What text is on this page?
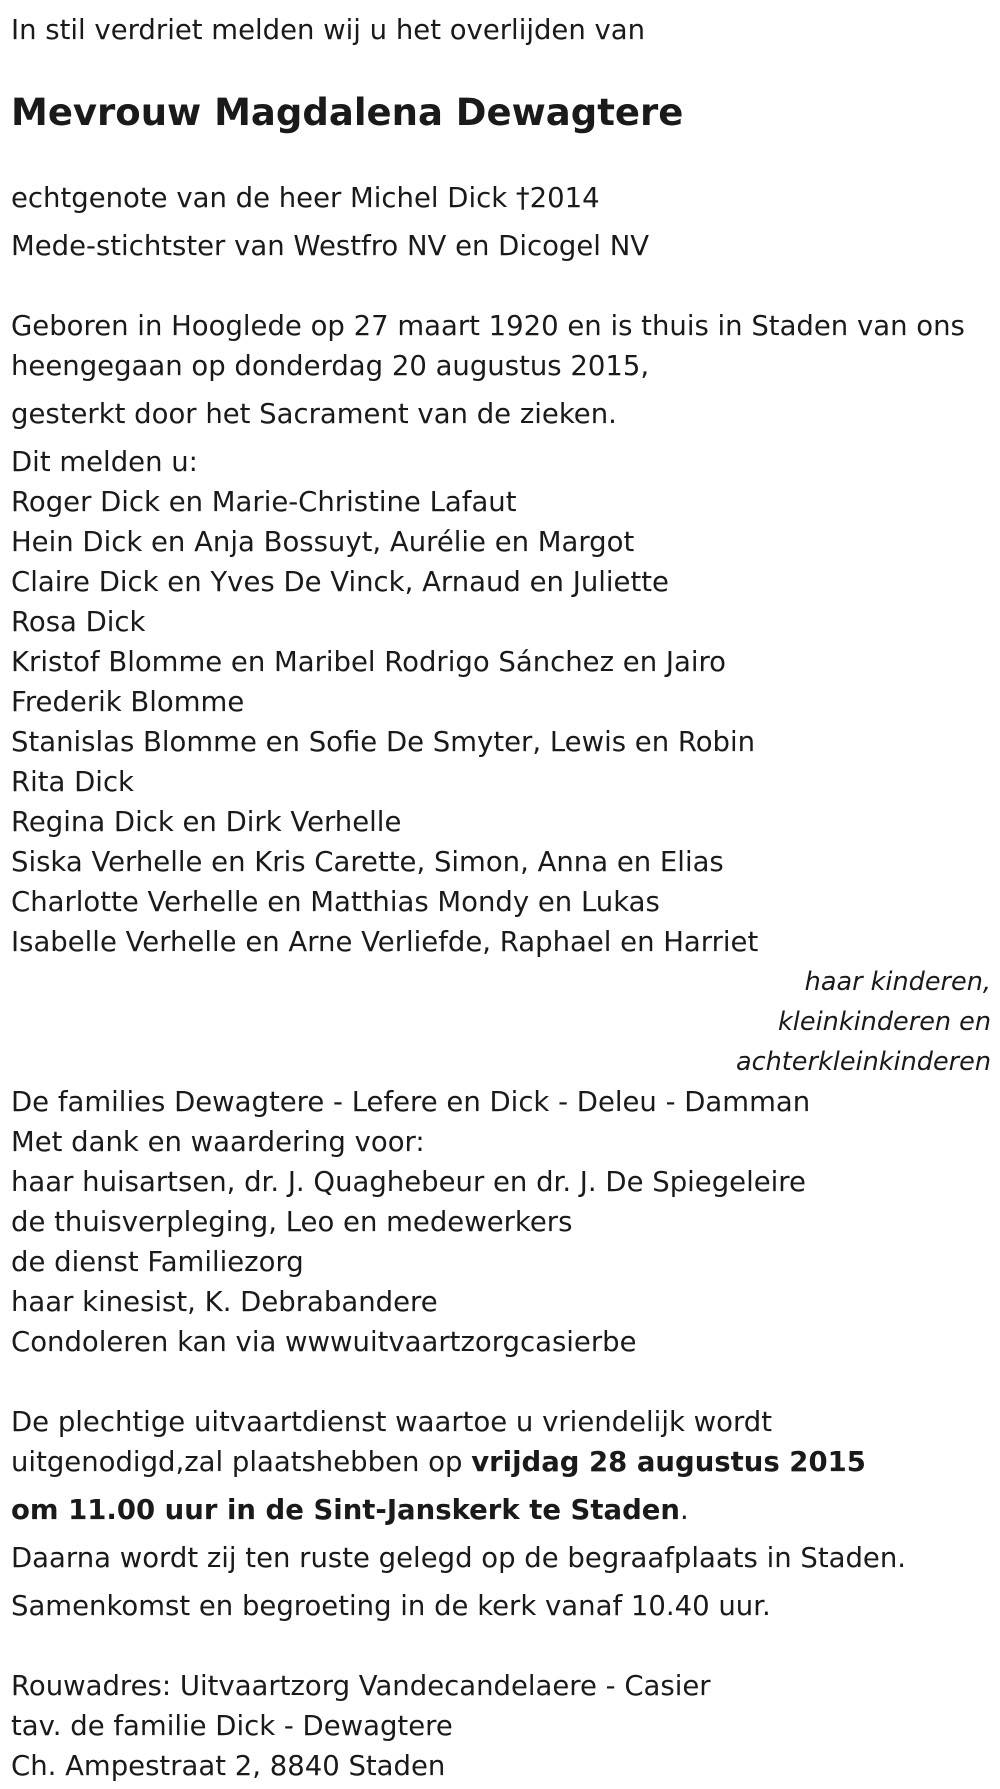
In stil verdriet melden wij u het overlijden van

Mevrouw Magdalena Dewagtere

echtgenote van de heer Michel Dick †2014

Mede-stichtster van Westfro NV en Dicogel NV

Geboren in Hooglede op 27 maart 1920 en is thuis in Staden van ons heengegaan op donderdag 20 augustus 2015,

gesterkt door het Sacrament van de zieken.

Dit melden u:

Roger Dick en Marie-Christine Lafaut
Hein Dick en Anja Bossuyt, Aurélie en Margot
Claire Dick en Yves De Vinck, Arnaud en Juliette
Rosa Dick
Kristof Blomme en Maribel Rodrigo Sánchez en Jairo
Frederik Blomme
Stanislas Blomme en Sofie De Smyter, Lewis en Robin
Rita Dick
Regina Dick en Dirk Verhelle
Siska Verhelle en Kris Carette, Simon, Anna en Elias
Charlotte Verhelle en Matthias Mondy en Lukas
Isabelle Verhelle en Arne Verliefde, Raphael en Harriet

haar kinderen,

kleinkinderen en

achterkleinkinderen

De families Dewagtere - Lefere en Dick - Deleu - Damman

Met dank en waardering voor:

haar huisartsen, dr. J. Quaghebeur en dr. J. De Spiegeleire
de thuisverpleging, Leo en medewerkers
de dienst Familiezorg
haar kinesist, K. Debrabandere

Condoleren kan via wwwuitvaartzorgcasierbe

De plechtige uitvaartdienst waartoe u vriendelijk wordt uitgenodigd,zal plaatshebben op vrijdag 28 augustus 2015

om 11.00 uur in de Sint-Janskerk te Staden.

Daarna wordt zij ten ruste gelegd op de begraafplaats in Staden.

Samenkomst en begroeting in de kerk vanaf 10.40 uur.

Rouwadres: Uitvaartzorg Vandecandelaere - Casier

tav. de familie Dick - Dewagtere

Ch. Ampestraat 2, 8840 Staden
